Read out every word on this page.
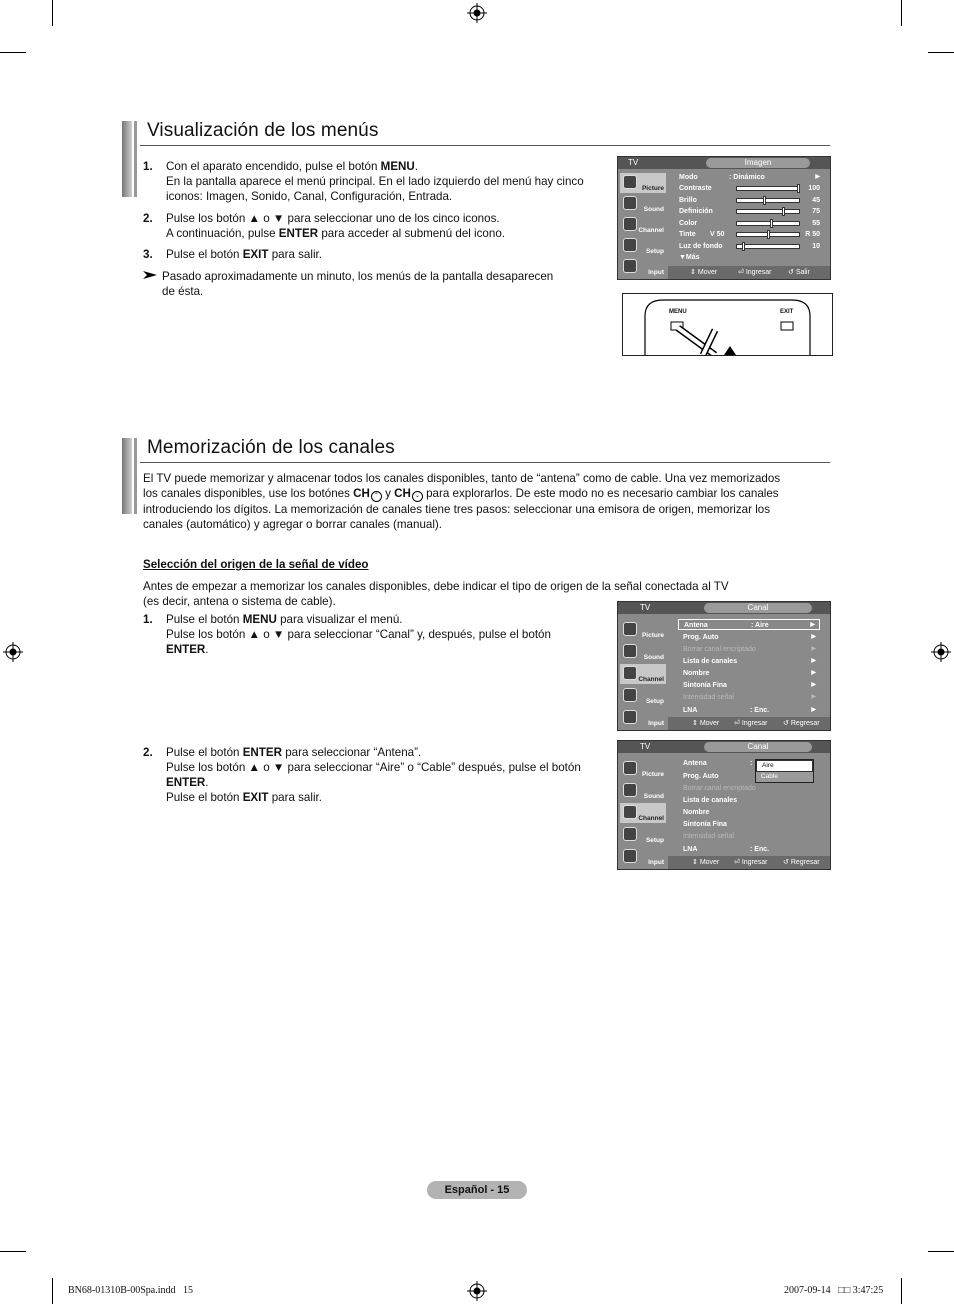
Visualización de los menús
1. Con el aparato encendido, pulse el botón MENU.
En la pantalla aparece el menú principal. En el lado izquierdo del menú hay cinco
iconos: Imagen, Sonido, Canal, Configuración, Entrada.
2. Pulse los botón ▲ o ▼ para seleccionar uno de los cinco iconos.
A continuación, pulse ENTER para acceder al submenú del icono.
3. Pulse el botón EXIT para salir.
Pasado aproximadamente un minuto, los menús de la pantalla desaparecen
de ésta.
TV	Imagen
Picture
Sound
Channel
Setup
Input
Modo	: Dinámico	▶
Contraste	100
Brillo	45
Definición	75
Color	55
Tinte V 50	R 50
Luz de fondo	10
▼Más
⇕ Mover	⏎ Ingresar ↺ Salir
MENU	EXIT
Memorización de los canales
El TV puede memorizar y almacenar todos los canales disponibles, tanto de “antena” como de cable. Una vez memorizados
los canales disponibles, use los botónes CH ⌃ y CH ⌄ para explorarlos. De este modo no es necesario cambiar los canales
introduciendo los dígitos. La memorización de canales tiene tres pasos: seleccionar una emisora de origen, memorizar los
canales (automático) y agregar o borrar canales (manual).
Selección del origen de la señal de vídeo
Antes de empezar a memorizar los canales disponibles, debe indicar el tipo de origen de la señal conectada al TV
(es decir, antena o sistema de cable).
1. Pulse el botón MENU para visualizar el menú.
Pulse los botón ▲ o ▼ para seleccionar “Canal” y, después, pulse el botón
ENTER.
2. Pulse el botón ENTER para seleccionar “Antena”.
Pulse los botón ▲ o ▼ para seleccionar “Aire” o “Cable” después, pulse el botón
ENTER.
Pulse el botón EXIT para salir.
TV	Canal
Picture
Sound
Channel
Setup
Input
Antena	: Aire	▶
Prog. Auto	▶
Borrar canal encriptado	▶
Lista de canales	▶
Nombre	▶
Sintonía Fina	▶
Intensidad señal	▶
LNA	: Enc.	▶
⇕ Mover ⏎ Ingresar ↺ Regresar
TV	Canal
Picture
Sound
Channel
Setup
Input
Antena	:
Prog. Auto
Borrar canal encriptado
Lista de canales
Nombre
Sintonía Fina
Intensidad señal
LNA	: Enc.
Aire
Cable
⇕ Mover ⏎ Ingresar ↺ Regresar
Español - 15
BN68-01310B-00Spa.indd   15	2007-09-14   □□ 3:47:25
